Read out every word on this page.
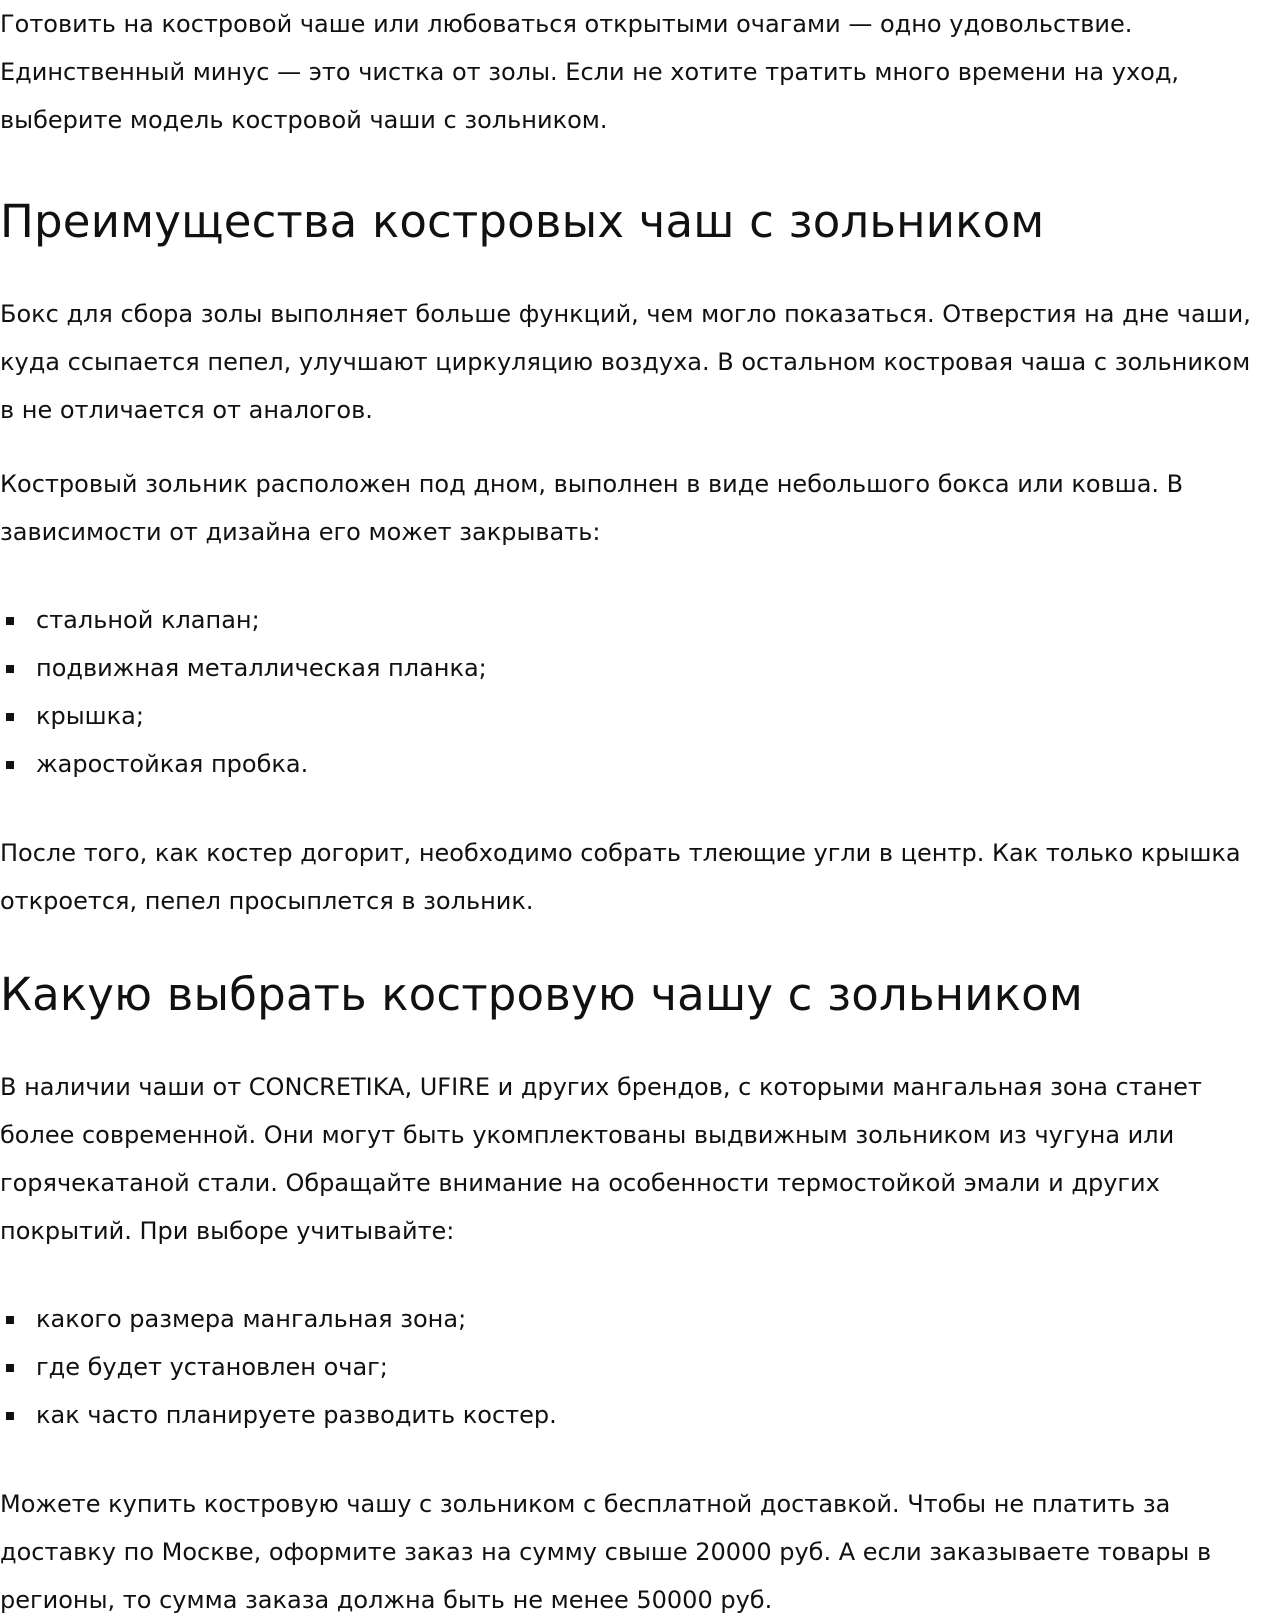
Готовить на костровой чаше или любоваться открытыми очагами — одно удовольствие. Единственный минус — это чистка от золы. Если не хотите тратить много времени на уход, выберите модель костровой чаши с зольником.

Преимущества костровых чаш с зольником

Бокс для сбора золы выполняет больше функций, чем могло показаться. Отверстия на дне чаши, куда ссыпается пепел, улучшают циркуляцию воздуха. В остальном костровая чаша с зольником в не отличается от аналогов.

Костровый зольник расположен под дном, выполнен в виде небольшого бокса или ковша. В зависимости от дизайна его может закрывать:

стальной клапан;
подвижная металлическая планка;
крышка;
жаростойкая пробка.

После того, как костер догорит, необходимо собрать тлеющие угли в центр. Как только крышка откроется, пепел просыплется в зольник.

Какую выбрать костровую чашу с зольником

В наличии чаши от CONCRETIKA, UFIRE и других брендов, с которыми мангальная зона станет более современной. Они могут быть укомплектованы выдвижным зольником из чугуна или горячекатаной стали. Обращайте внимание на особенности термостойкой эмали и других покрытий. При выборе учитывайте:

какого размера мангальная зона;
где будет установлен очаг;
как часто планируете разводить костер.

Можете купить костровую чашу с зольником с бесплатной доставкой. Чтобы не платить за доставку по Москве, оформите заказ на сумму свыше 20000 руб. А если заказываете товары в регионы, то сумма заказа должна быть не менее 50000 руб.
